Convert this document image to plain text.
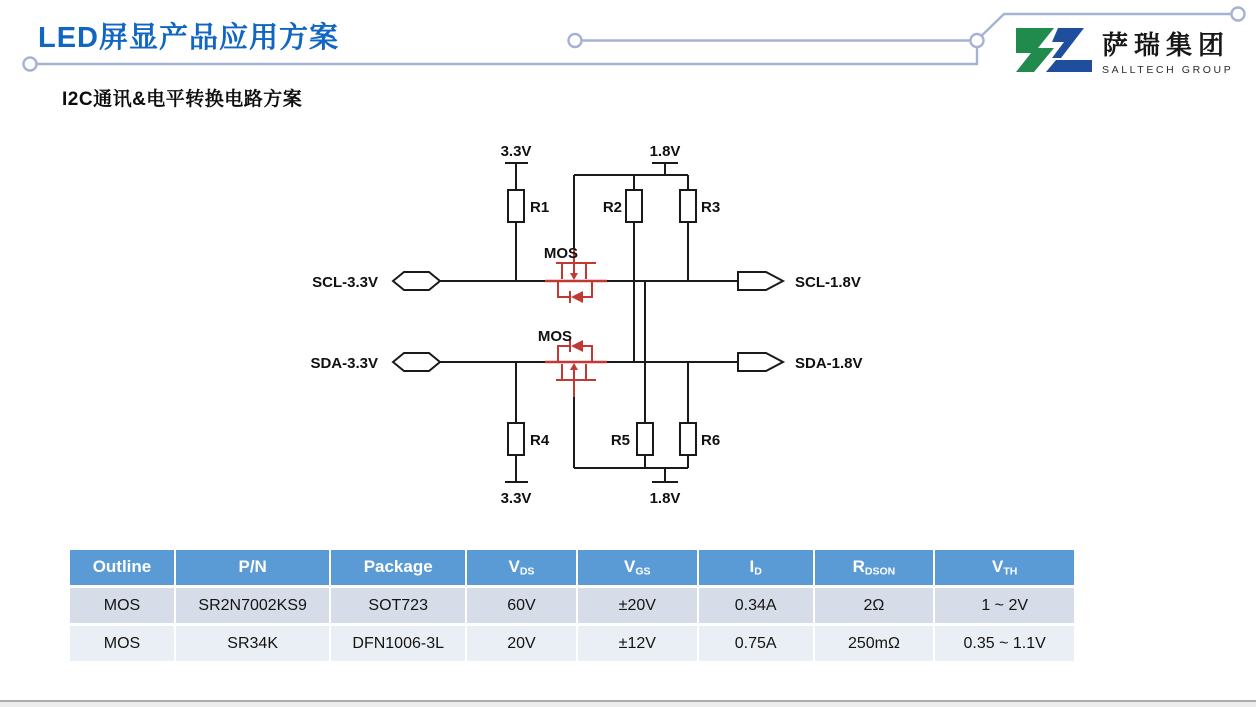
LED屏显产品应用方案	萨瑞集团
SALLTECH GROUP
I2C通讯&电平转换电路方案
3.3V	1.8V
R1	R2	R3
MOS
MOS
SCL-3.3V
SDA-3.3V
SCL-1.8V
SDA-1.8V
R4	R5	R6
3.3V	1.8V
Outline	P/N	Package	VDS	VGS	ID	RDSON	VTH
MOS	SR2N7002KS9	SOT723	60V	±20V	0.34A	2Ω	1 ~ 2V
MOS	SR34K	DFN1006-3L	20V	±12V	0.75A	250mΩ	0.35 ~ 1.1V
